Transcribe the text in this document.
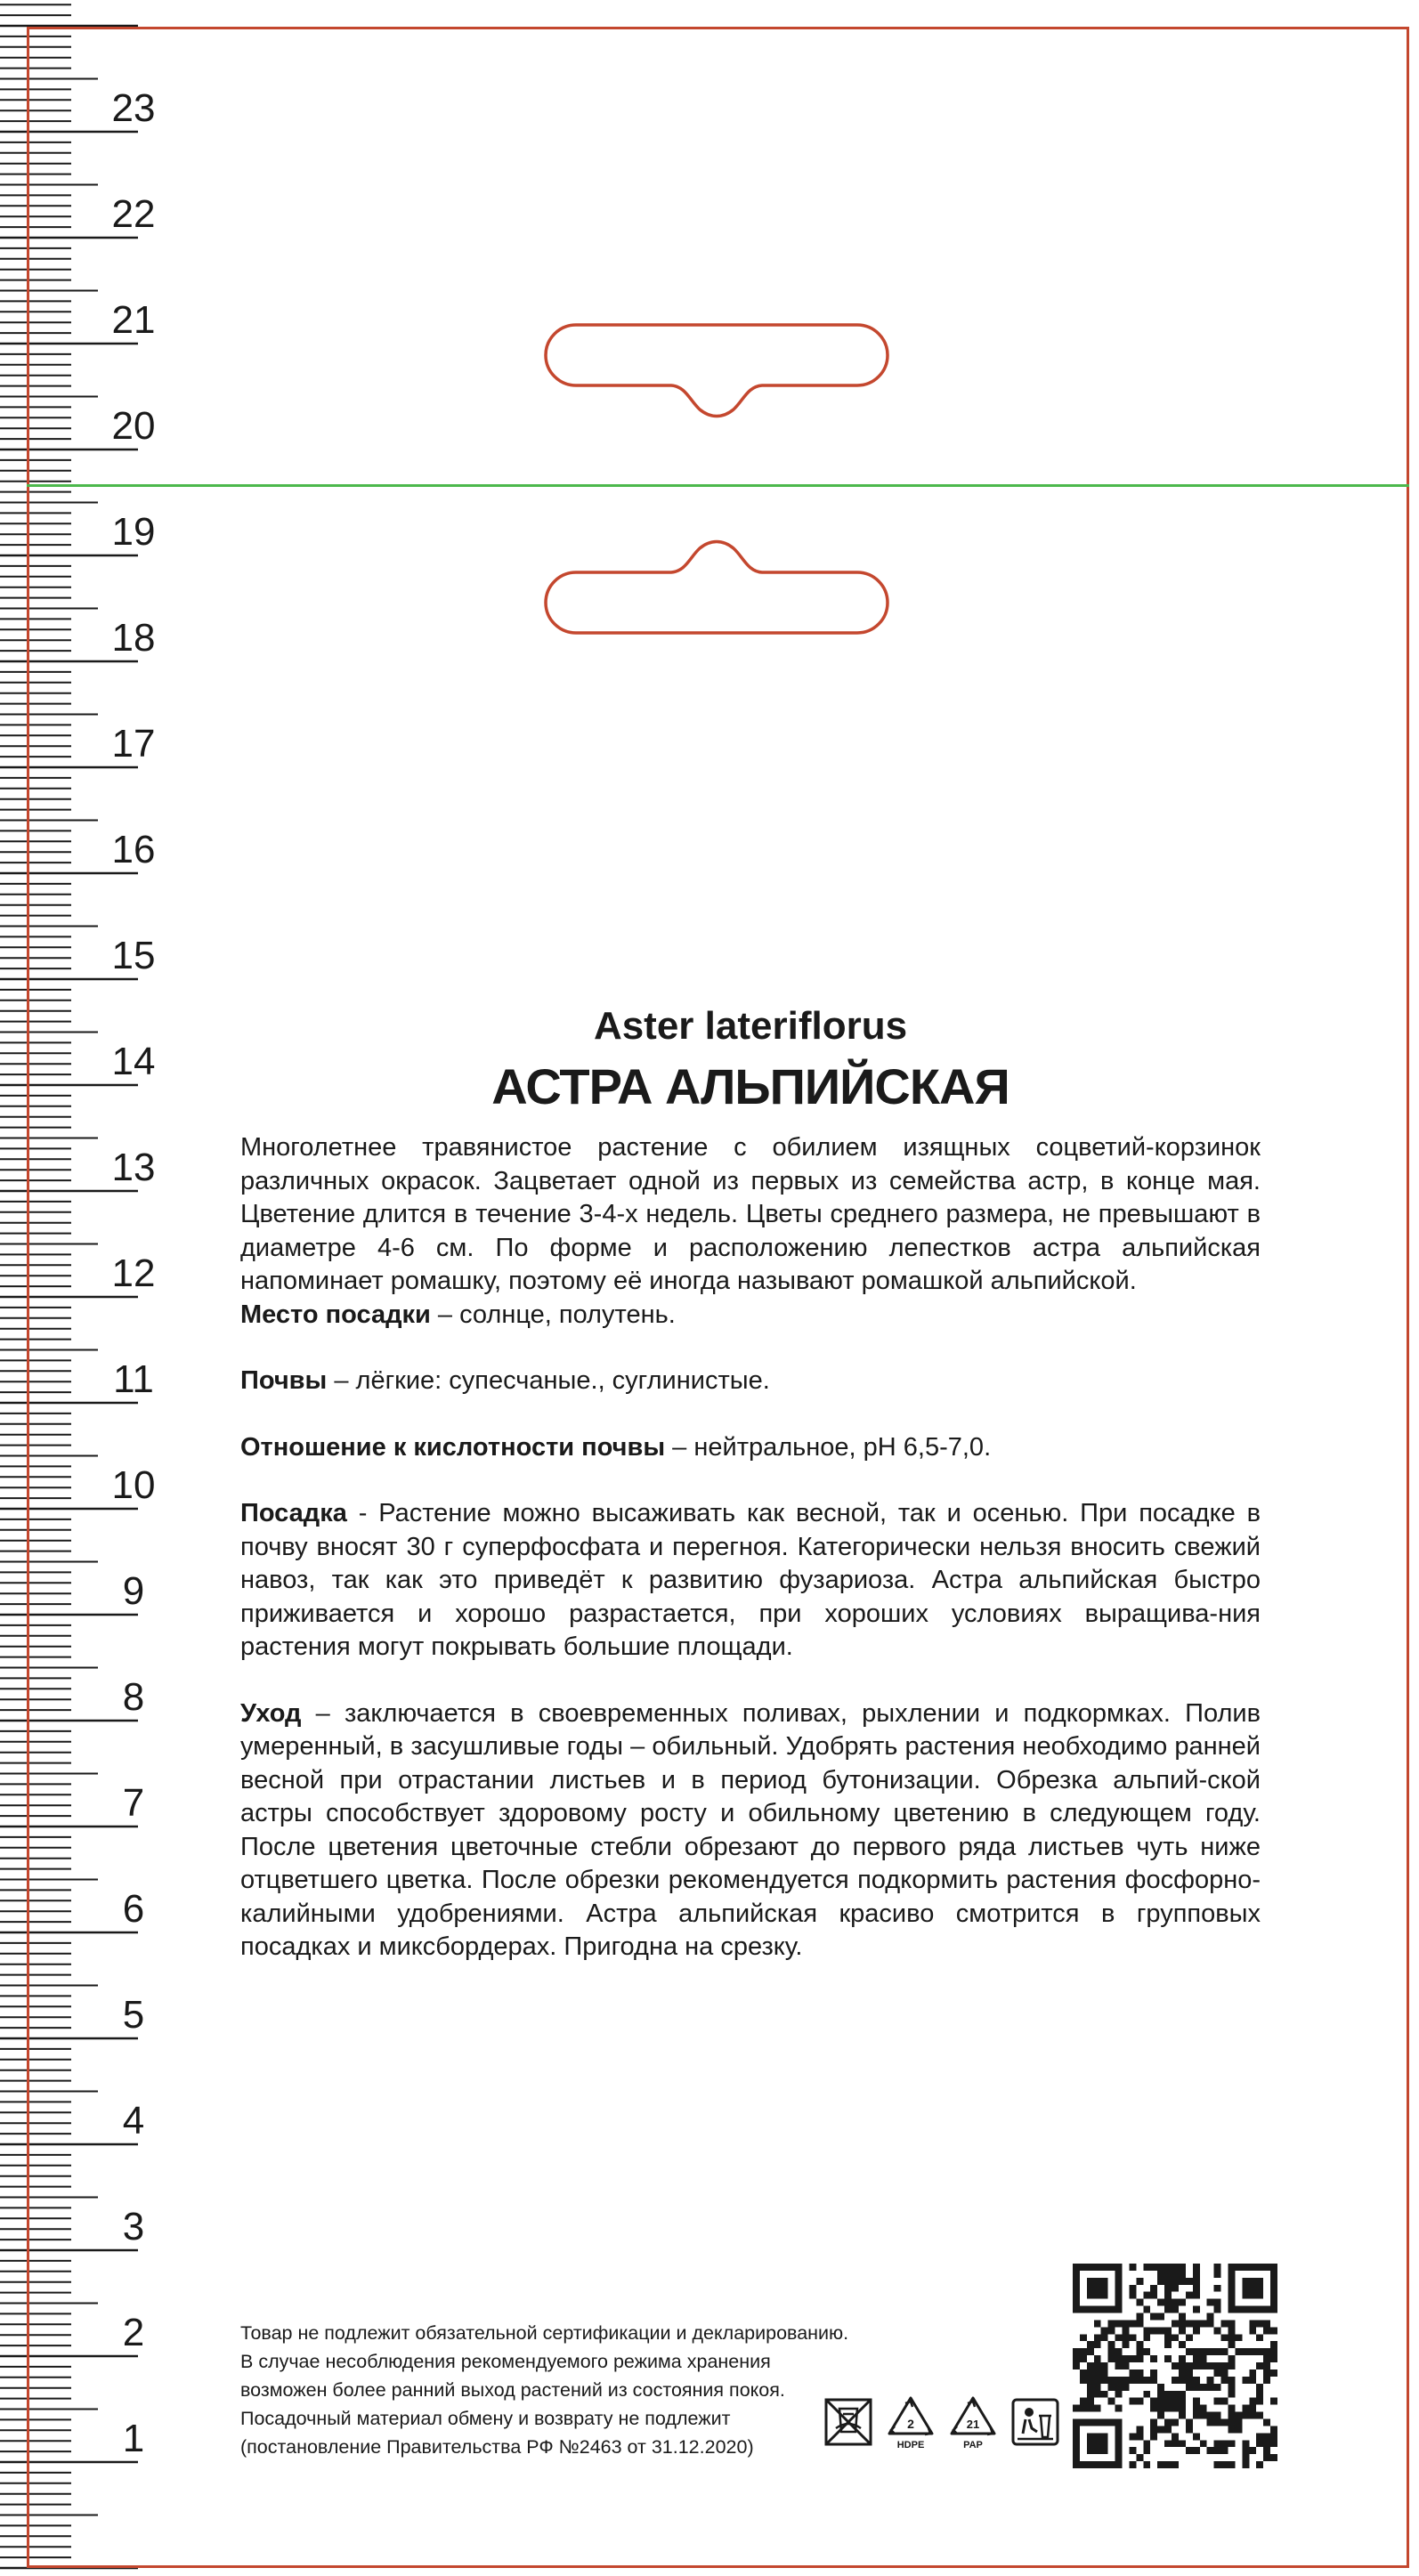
23
22
21
20
19
18
17
16
15
14
13
12
11
10
9
8
7
6
5
4
3
2
1
Aster lateriflorus
АСТРА АЛЬПИЙСКАЯ

Многолетнее травянистое растение с обилием изящных соцветий-корзинок различных окрасок. Зацветает одной из первых из семейства астр, в конце мая. Цветение длится в течение 3-4-х недель. Цветы среднего размера, не превышают в диаметре 4-6 см. По форме и расположению лепестков астра альпийская напоминает ромашку, поэтому её иногда называют ромашкой альпийской.

Место посадки – солнце, полутень.

Почвы – лёгкие: супесчаные., суглинистые.

Отношение к кислотности почвы – нейтральное, рН 6,5-7,0.

Посадка - Растение можно высаживать как весной, так и осенью. При посадке в почву вносят 30 г суперфосфата и перегноя. Категорически нельзя вносить свежий навоз, так как это приведёт к развитию фузариоза. Астра альпийская быстро приживается и хорошо разрастается, при хороших условиях выращива-ния растения могут покрывать большие площади.

Уход – заключается в своевременных поливах, рыхлении и подкормках. Полив умеренный, в засушливые годы – обильный. Удобрять растения необходимо ранней весной при отрастании листьев и в период бутонизации. Обрезка альпий-ской астры способствует здоровому росту и обильному цветению в следующем году. После цветения цветочные стебли обрезают до первого ряда листьев чуть ниже отцветшего цветка. После обрезки рекомендуется подкормить растения фосфорно-калийными удобрениями. Астра альпийская красиво смотрится в групповых посадках и миксбордерах. Пригодна на срезку.

Товар не подлежит обязательной сертификации и декларированию.
В случае несоблюдения рекомендуемого режима хранения
возможен более ранний выход растений из состояния покоя.
Посадочный материал обмену и возврату не подлежит
(постановление Правительства РФ №2463 от 31.12.2020)
2
HDPE
21
PAP
